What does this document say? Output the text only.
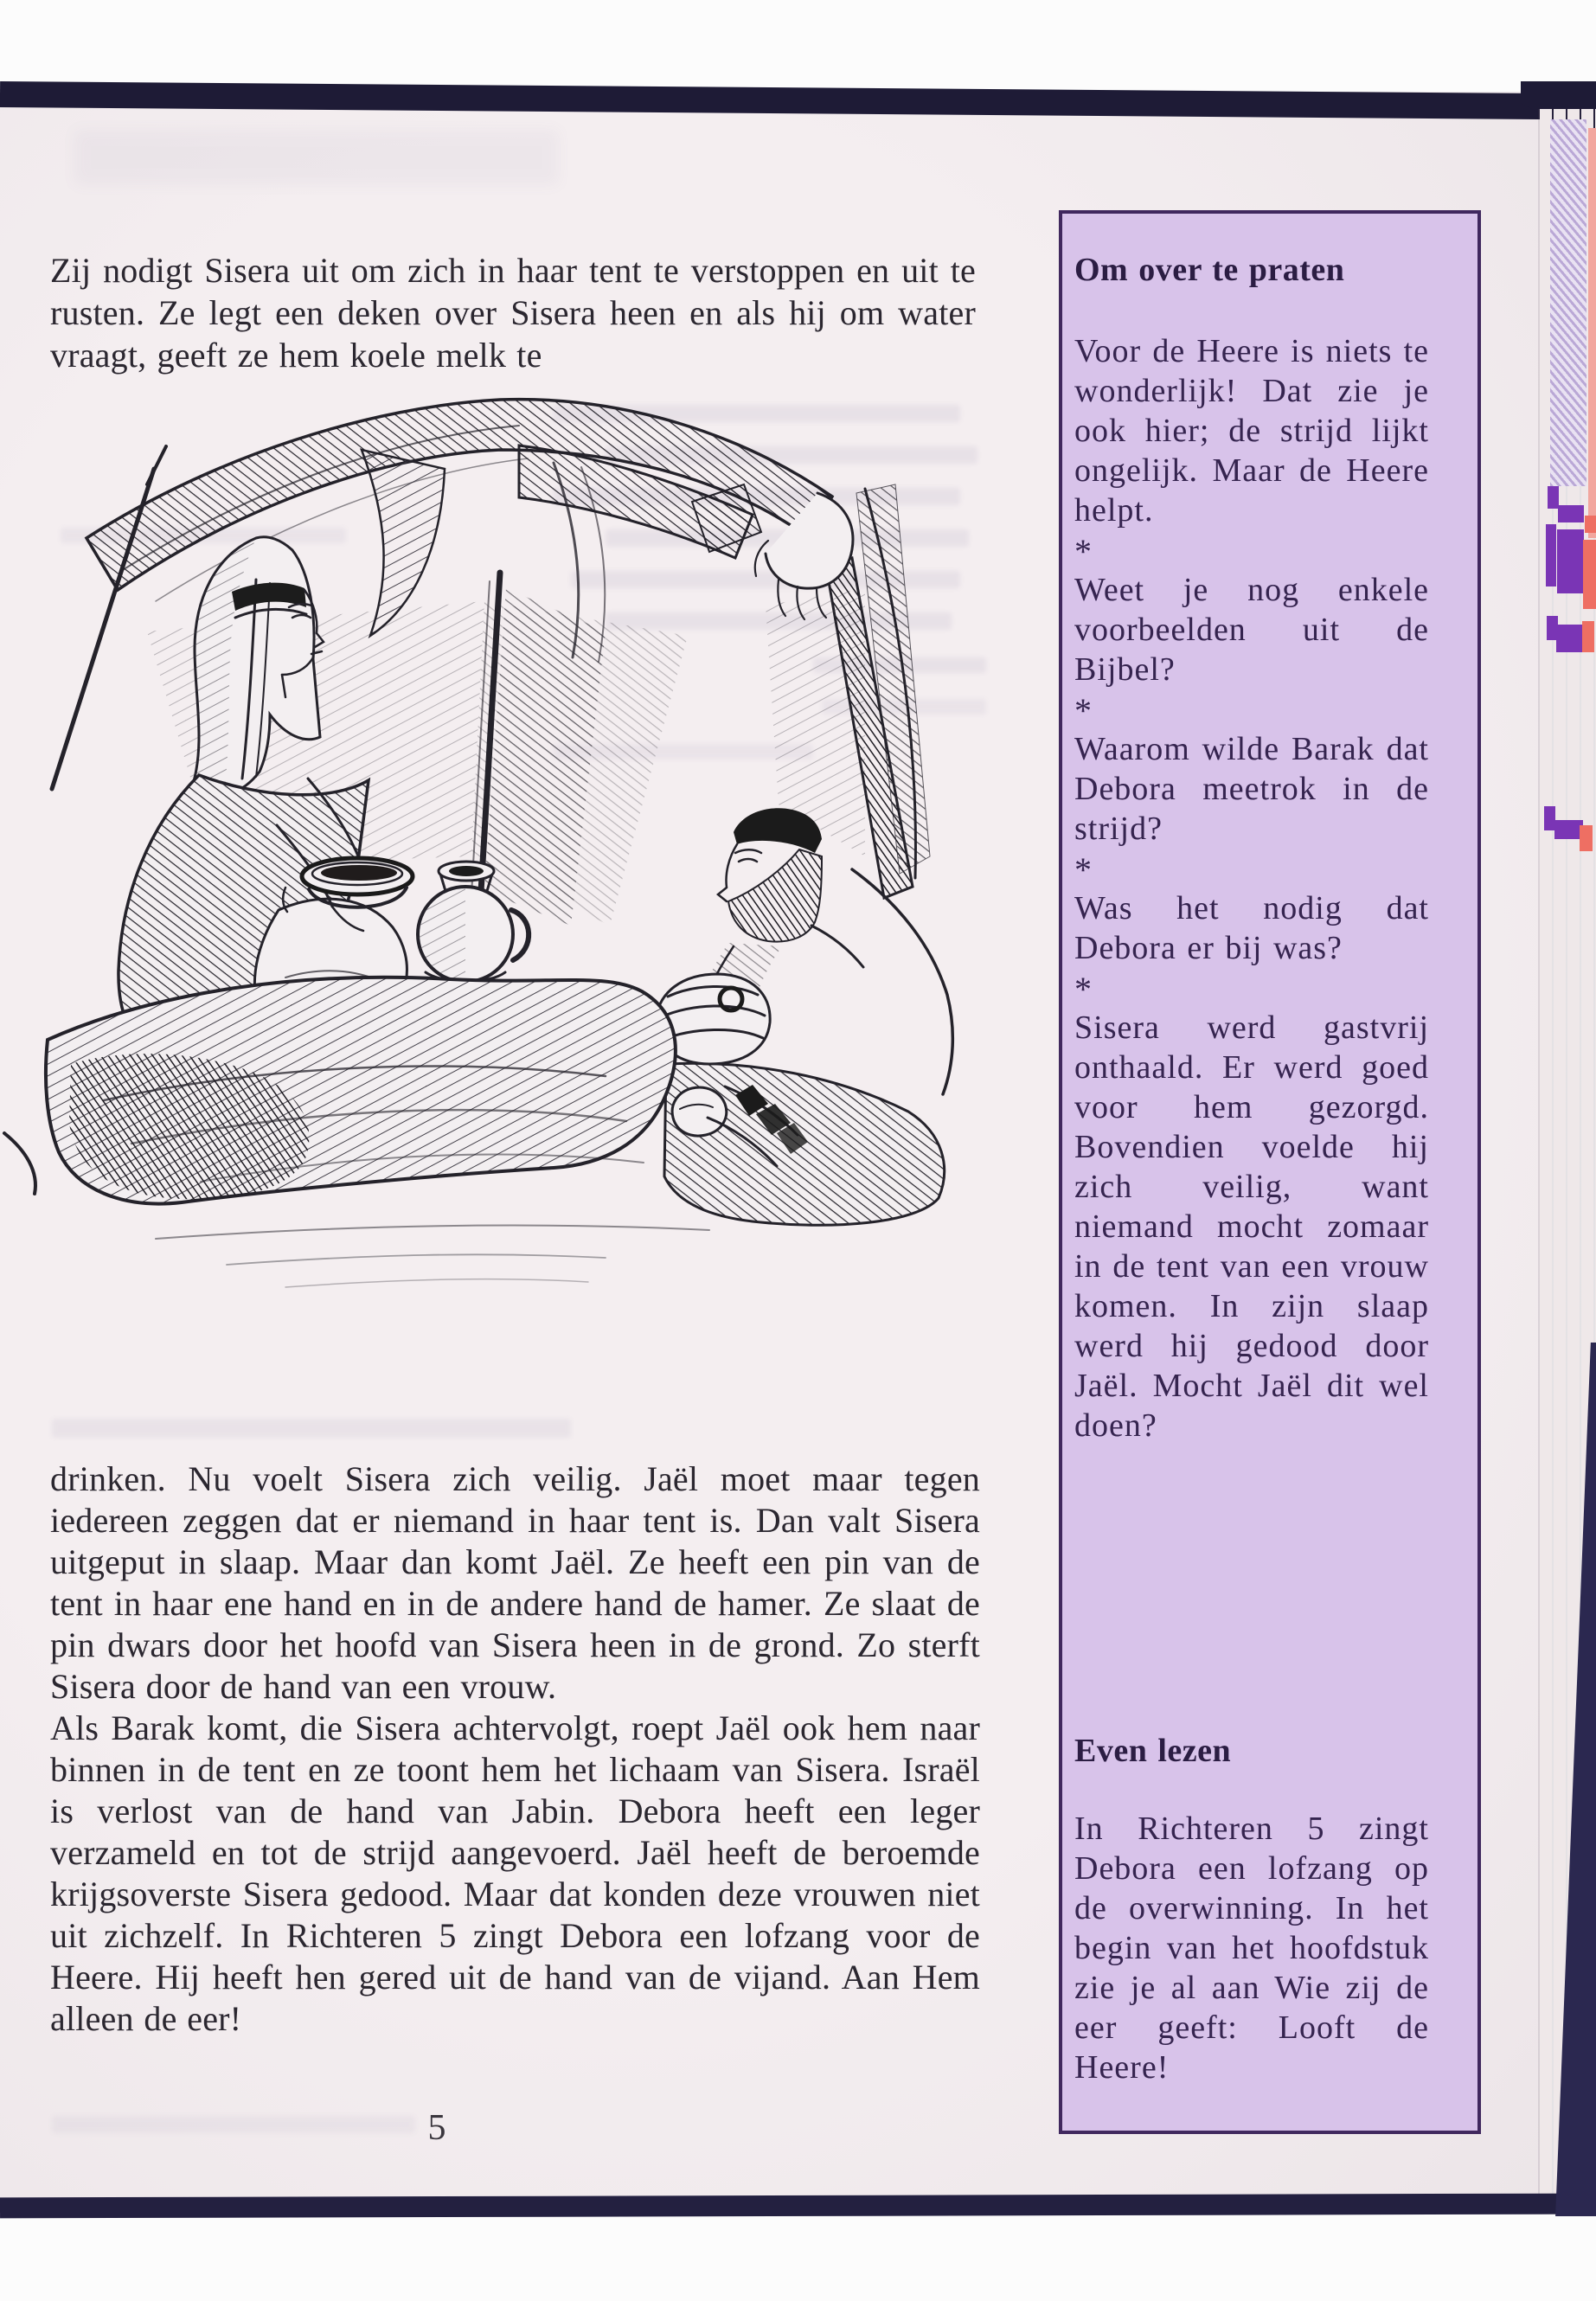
Zij nodigt Sisera uit om zich in haar tent te verstoppen en uit te rusten. Ze legt een deken over Sisera heen en als hij om water vraagt, geeft ze hem koele melk te

drinken. Nu voelt Sisera zich veilig. Jaël moet maar tegen iedereen zeggen dat er niemand in haar tent is. Dan valt Sisera uitgeput in slaap. Maar dan komt Jaël. Ze heeft een pin van de tent in haar ene hand en in de andere hand de hamer. Ze slaat de pin dwars door het hoofd van Sisera heen in de grond. Zo sterft Sisera door de hand van een vrouw.

Als Barak komt, die Sisera achtervolgt, roept Jaël ook hem naar binnen in de tent en ze toont hem het lichaam van Sisera. Israël is verlost van de hand van Jabin. Debora heeft een leger verzameld en tot de strijd aangevoerd. Jaël heeft de beroemde krijgsoverste Sisera gedood. Maar dat konden deze vrouwen niet uit zichzelf. In Richteren 5 zingt Debora een lofzang voor de Heere. Hij heeft hen gered uit de hand van de vijand. Aan Hem alleen de eer!

5
Om over te praten

Voor de Heere is niets te wonderlijk! Dat zie je ook hier; de strijd lijkt ongelijk. Maar de Heere helpt.

*

Weet je nog enkele voorbeelden uit de Bijbel?

*

Waarom wilde Barak dat Debora meetrok in de strijd?

*

Was het nodig dat Debora er bij was?

*

Sisera werd gastvrij onthaald. Er werd goed voor hem gezorgd. Bovendien voelde hij zich veilig, want niemand mocht zomaar in de tent van een vrouw komen. In zijn slaap werd hij gedood door Jaël. Mocht Jaël dit wel doen?

Even lezen

In Richteren 5 zingt Debora een lofzang op de overwinning. In het begin van het hoofdstuk zie je al aan Wie zij de eer geeft: Looft de Heere!
